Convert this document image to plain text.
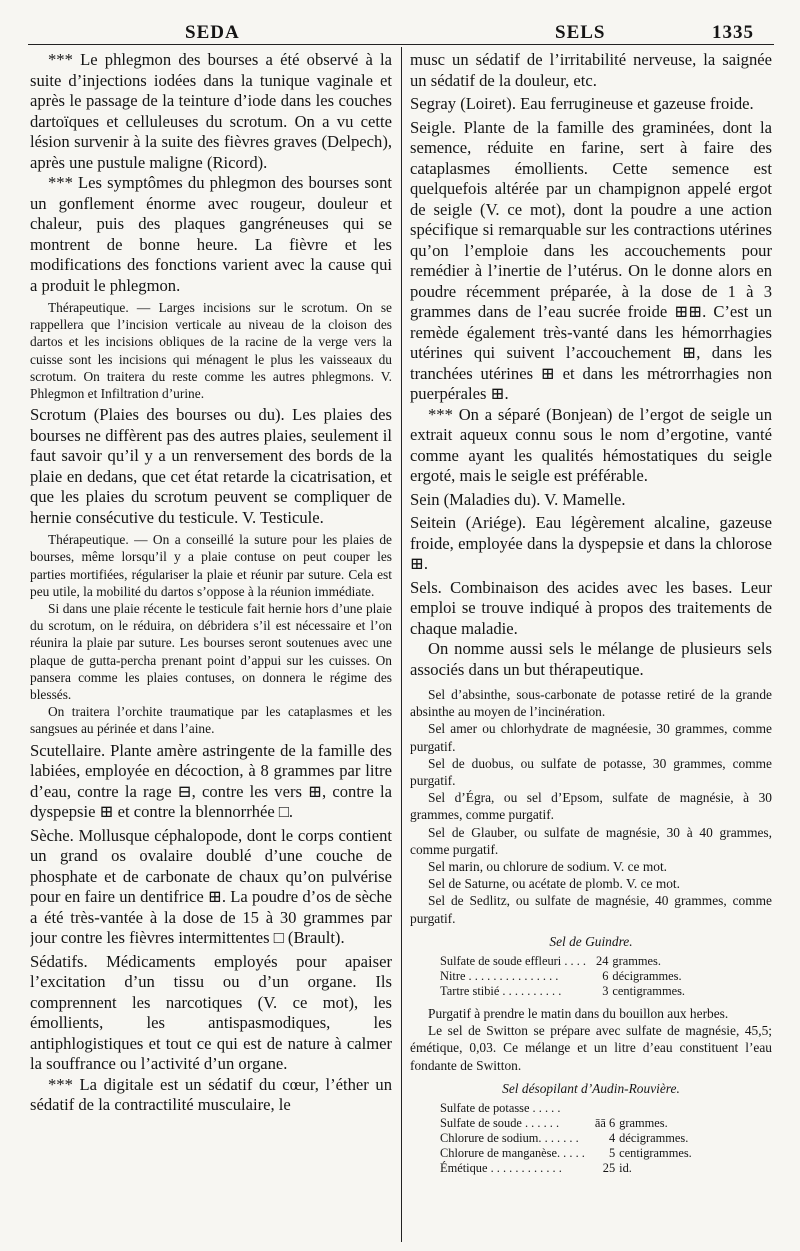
SEDA	SELS	1335

*** Le phlegmon des bourses a été observé à la suite d’injections iodées dans la tunique vaginale et après le passage de la teinture d’iode dans les couches dartoïques et celluleuses du scrotum. On a vu cette lésion survenir à la suite des fièvres graves (Delpech), après une pustule maligne (Ricord).

*** Les symptômes du phlegmon des bourses sont un gonflement énorme avec rougeur, douleur et chaleur, puis des plaques gangréneuses qui se montrent de bonne heure. La fièvre et les modifications des fonctions varient avec la cause qui a produit le phlegmon.

Thérapeutique. — Larges incisions sur le scrotum. On se rappellera que l’incision verticale au niveau de la cloison des dartos et les incisions obliques de la racine de la verge vers la cuisse sont les incisions qui ménagent le plus les vaisseaux du scrotum. On traitera du reste comme les autres phlegmons. V. Phlegmon et Infiltration d’urine.

Scrotum (Plaies des bourses ou du). Les plaies des bourses ne diffèrent pas des autres plaies, seulement il faut savoir qu’il y a un renversement des bords de la plaie en dedans, que cet état retarde la cicatrisation, et que les plaies du scrotum peuvent se compliquer de hernie consécutive du testicule. V. Testicule.

Thérapeutique. — On a conseillé la suture pour les plaies de bourses, même lorsqu’il y a plaie contuse on peut couper les parties mortifiées, régulariser la plaie et réunir par suture. Cela est peu utile, la mobilité du dartos s’oppose à la réunion immédiate.

Si dans une plaie récente le testicule fait hernie hors d’une plaie du scrotum, on le réduira, on débridera s’il est nécessaire et l’on réunira la plaie par suture. Les bourses seront soutenues avec une plaque de gutta-percha prenant point d’appui sur les cuisses. On pansera comme les plaies contuses, on donnera le régime des blessés.

On traitera l’orchite traumatique par les cataplasmes et les sangsues au périnée et dans l’aine.

Scutellaire. Plante amère astringente de la famille des labiées, employée en décoction, à 8 grammes par litre d’eau, contre la rage ⊟, contre les vers ⊞, contre la dyspepsie ⊞ et contre la blennorrhée □.

Sèche. Mollusque céphalopode, dont le corps contient un grand os ovalaire doublé d’une couche de phosphate et de carbonate de chaux qu’on pulvérise pour en faire un dentifrice ⊞. La poudre d’os de sèche a été très-vantée à la dose de 15 à 30 grammes par jour contre les fièvres intermittentes □ (Brault).

Sédatifs. Médicaments employés pour apaiser l’excitation d’un tissu ou d’un organe. Ils comprennent les narcotiques (V. ce mot), les émollients, les antispasmodiques, les antiphlogistiques et tout ce qui est de nature à calmer la souffrance ou l’activité d’un organe.

*** La digitale est un sédatif du cœur, l’éther un sédatif de la contractilité musculaire, le

musc un sédatif de l’irritabilité nerveuse, la saignée un sédatif de la douleur, etc.

Segray (Loiret). Eau ferrugineuse et gazeuse froide.

Seigle. Plante de la famille des graminées, dont la semence, réduite en farine, sert à faire des cataplasmes émollients. Cette semence est quelquefois altérée par un champignon appelé ergot de seigle (V. ce mot), dont la poudre a une action spécifique si remarquable sur les contractions utérines qu’on l’emploie dans les accouchements pour remédier à l’inertie de l’utérus. On le donne alors en poudre récemment préparée, à la dose de 1 à 3 grammes dans de l’eau sucrée froide ⊞⊞. C’est un remède également très-vanté dans les hémorrhagies utérines qui suivent l’accouchement ⊞, dans les tranchées utérines ⊞ et dans les métrorrhagies non puerpérales ⊞.

*** On a séparé (Bonjean) de l’ergot de seigle un extrait aqueux connu sous le nom d’ergotine, vanté comme ayant les qualités hémostatiques du seigle ergoté, mais le seigle est préférable.

Sein (Maladies du). V. Mamelle.

Seitein (Ariége). Eau légèrement alcaline, gazeuse froide, employée dans la dyspepsie et dans la chlorose ⊞.

Sels. Combinaison des acides avec les bases. Leur emploi se trouve indiqué à propos des traitements de chaque maladie.

On nomme aussi sels le mélange de plusieurs sels associés dans un but thérapeutique.

Sel d’absinthe, sous-carbonate de potasse retiré de la grande absinthe au moyen de l’incinération.

Sel amer ou chlorhydrate de magnéesie, 30 grammes, comme purgatif.

Sel de duobus, ou sulfate de potasse, 30 grammes, comme purgatif.

Sel d’Égra, ou sel d’Epsom, sulfate de magnésie, à 30 grammes, comme purgatif.

Sel de Glauber, ou sulfate de magnésie, 30 à 40 grammes, comme purgatif.

Sel marin, ou chlorure de sodium. V. ce mot.

Sel de Saturne, ou acétate de plomb. V. ce mot.

Sel de Sedlitz, ou sulfate de magnésie, 40 grammes, comme purgatif.

Sel de Guindre.

Sulfate de soude effleuri . . . .	24	grammes.
Nitre . . . . . . . . . . . . . . .	6	décigrammes.
Tartre stibié . . . . . . . . . .	3	centigrammes.

Purgatif à prendre le matin dans du bouillon aux herbes.

Le sel de Switton se prépare avec sulfate de magnésie, 45,5; émétique, 0,03. Ce mélange et un litre d’eau constituent l’eau fondante de Switton.

Sel désopilant d’Audin-Rouvière.

Sulfate de potasse . . . . .		
Sulfate de soude . . . . . .	āā 6	grammes.
Chlorure de sodium. . . . . . .	4	décigrammes.
Chlorure de manganèse. . . . .	5	centigrammes.
Émétique . . . . . . . . . . . .	25	id.
